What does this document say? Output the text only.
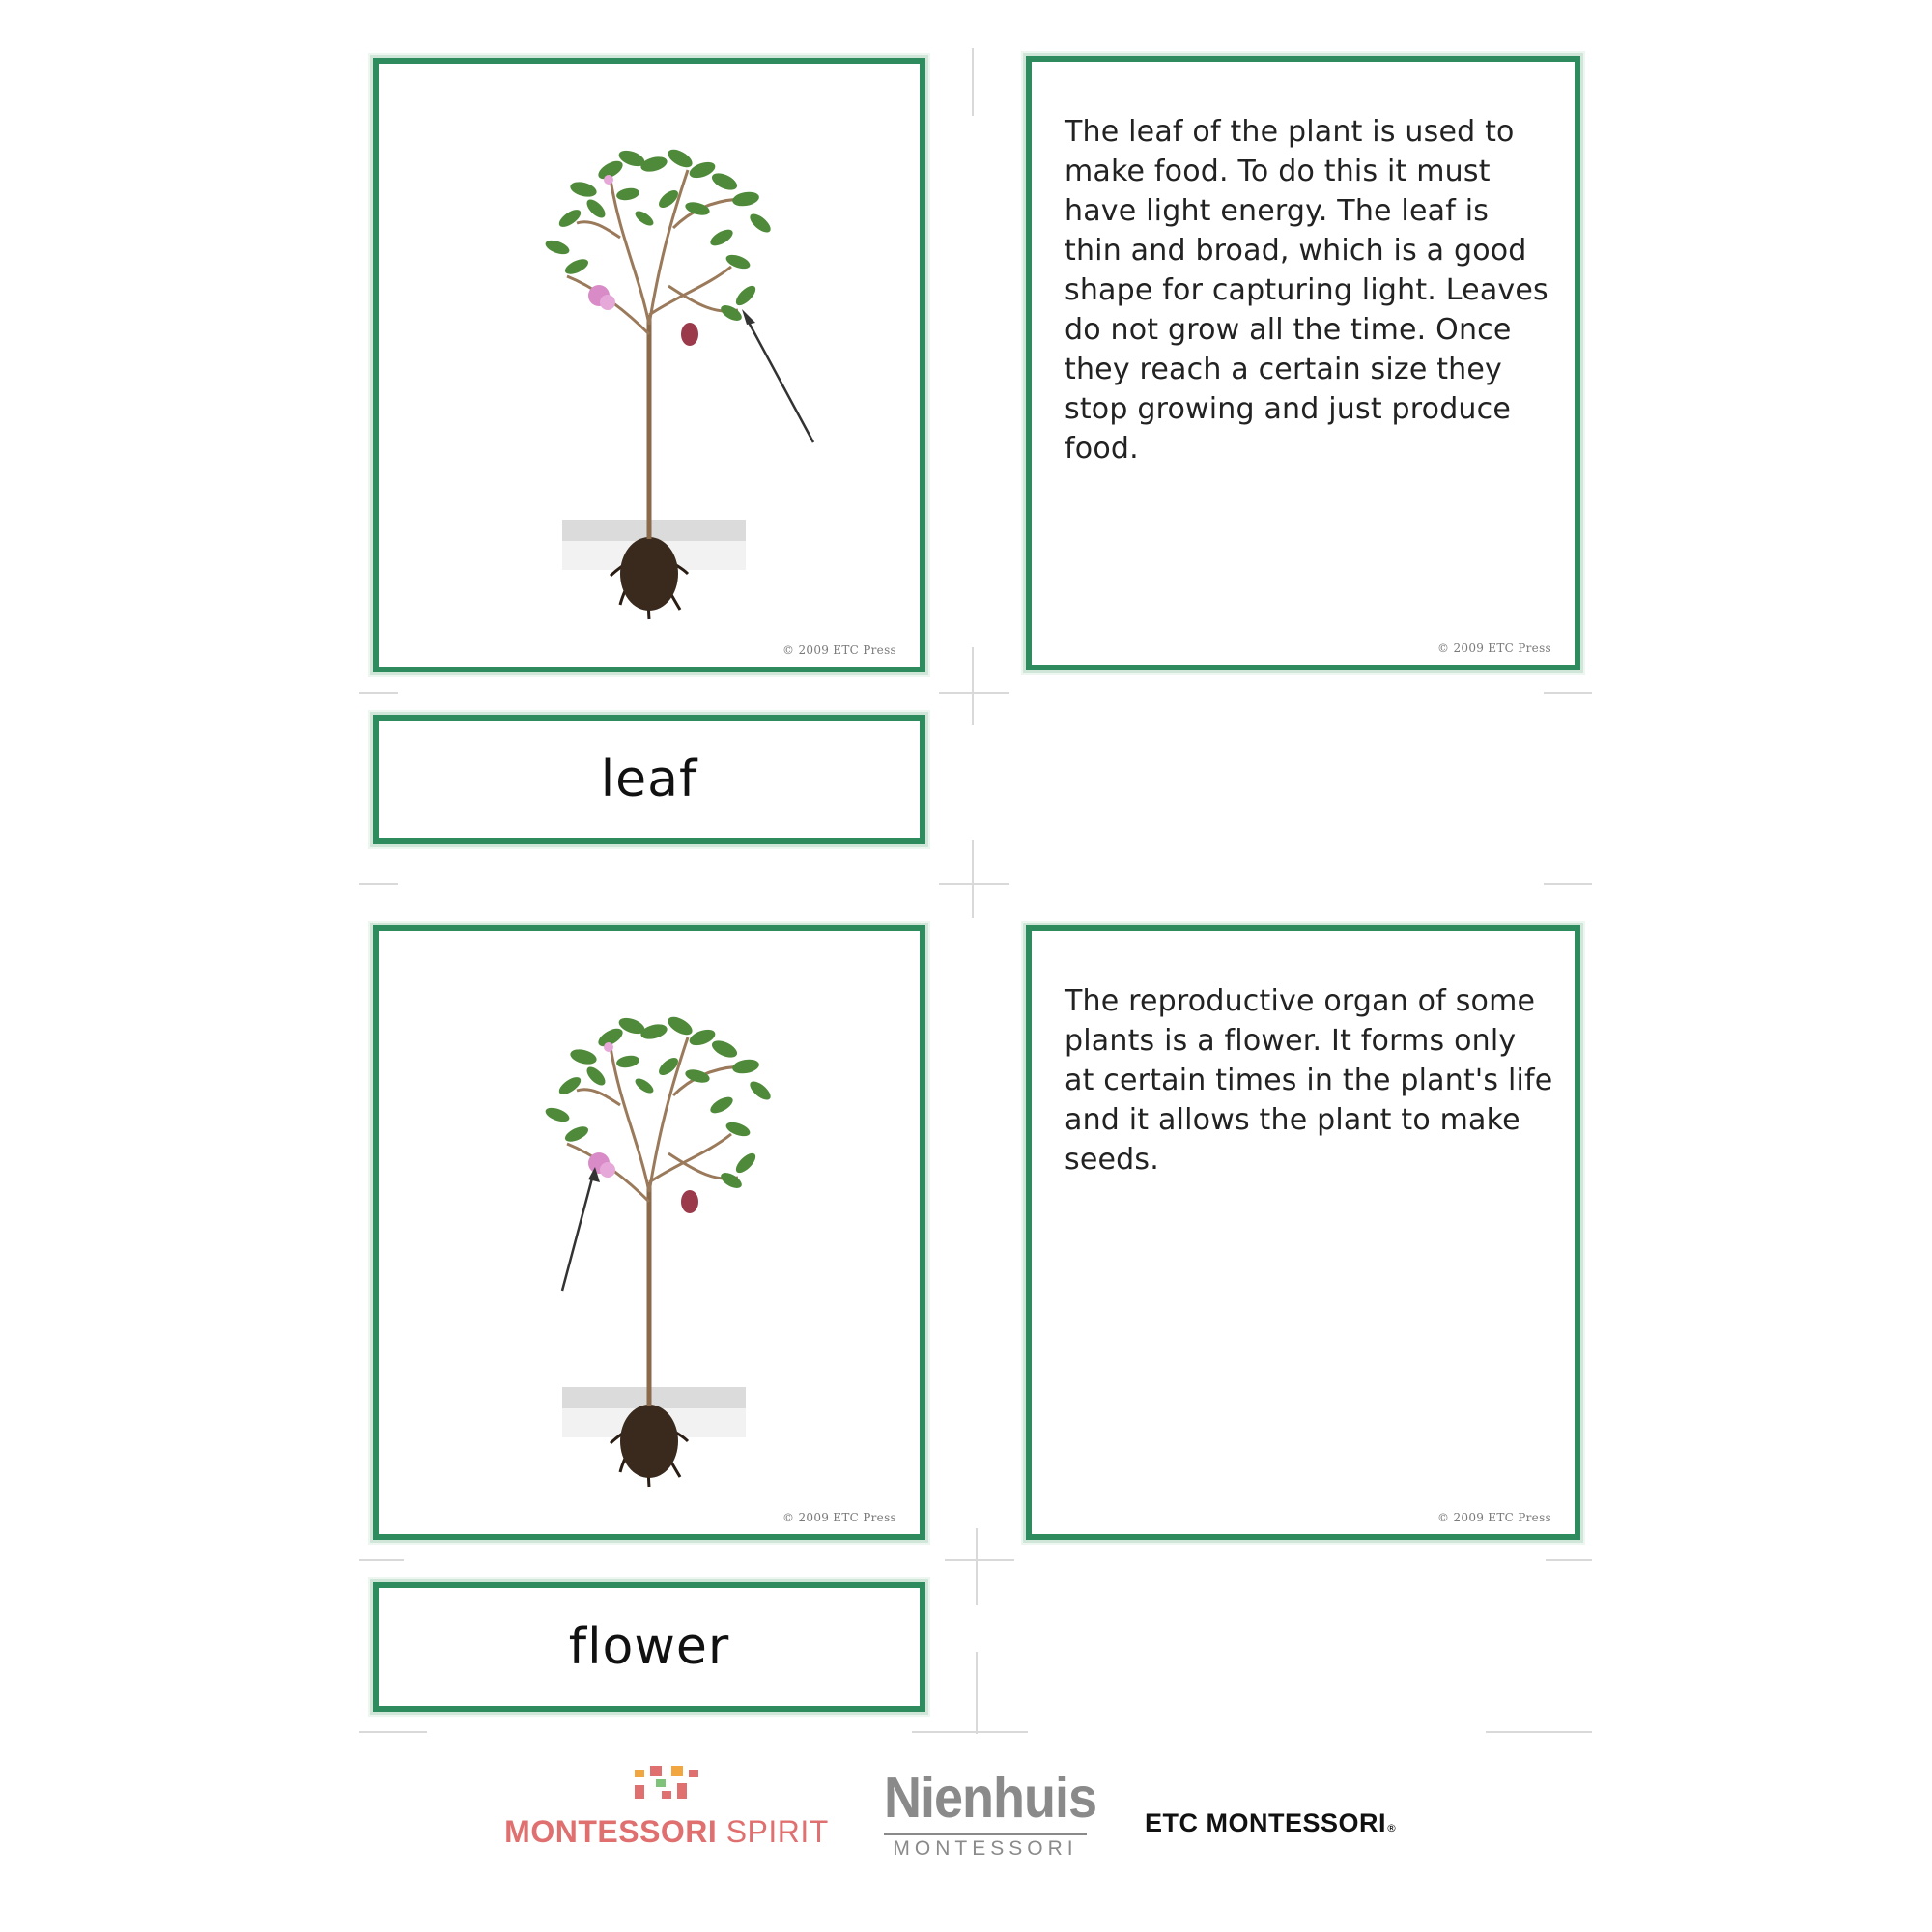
© 2009 ETC Press
The leaf of the plant is used to make food. To do this it must have light energy. The leaf is thin and broad, which is a good shape for capturing light. Leaves do not grow all the time. Once they reach a certain size they stop growing and just produce food.
© 2009 ETC Press
leaf
© 2009 ETC Press
The reproductive organ of some plants is a flower. It forms only at certain times in the plant's life and it allows the plant to make seeds.
© 2009 ETC Press
flower
MONTESSORI SPIRIT
Nienhuis
MONTESSORI
ETC MONTESSORI®
